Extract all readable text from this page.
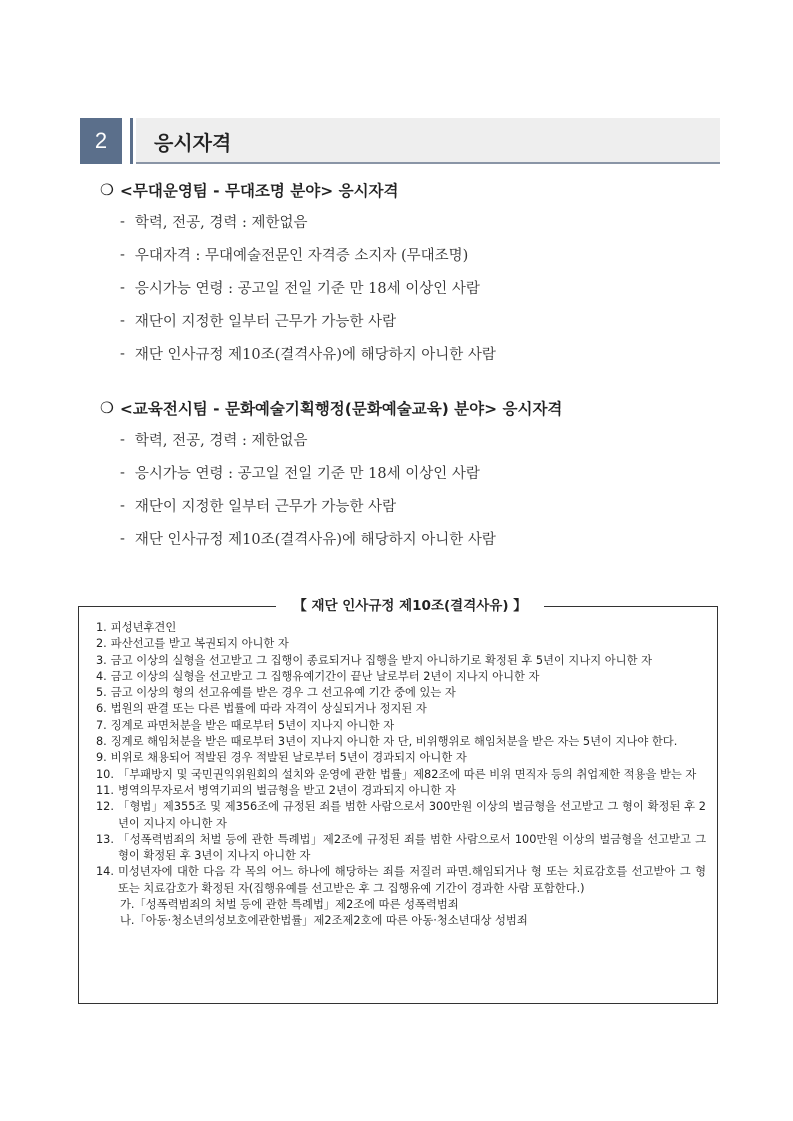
2	응시자격
❍ <무대운영팀 - 무대조명 분야> 응시자격
- 학력, 전공, 경력 : 제한없음
- 우대자격 : 무대예술전문인 자격증 소지자 (무대조명)
- 응시가능 연령 : 공고일 전일 기준 만 18세 이상인 사람
- 재단이 지정한 일부터 근무가 가능한 사람
- 재단 인사규정 제10조(결격사유)에 해당하지 아니한 사람
❍ <교육전시팀 - 문화예술기획행정(문화예술교육) 분야> 응시자격
- 학력, 전공, 경력 : 제한없음
- 응시가능 연령 : 공고일 전일 기준 만 18세 이상인 사람
- 재단이 지정한 일부터 근무가 가능한 사람
- 재단 인사규정 제10조(결격사유)에 해당하지 아니한 사람
【 재단 인사규정 제10조(결격사유) 】
1. 피성년후견인
2. 파산선고를 받고 복권되지 아니한 자
3. 금고 이상의 실형을 선고받고 그 집행이 종료되거나 집행을 받지 아니하기로 확정된 후 5년이 지나지 아니한 자
4. 금고 이상의 실형을 선고받고 그 집행유예기간이 끝난 날로부터 2년이 지나지 아니한 자
5. 금고 이상의 형의 선고유예를 받은 경우 그 선고유예 기간 중에 있는 자
6. 법원의 판결 또는 다른 법률에 따라 자격이 상실되거나 정지된 자
7. 징계로 파면처분을 받은 때로부터 5년이 지나지 아니한 자
8. 징계로 해임처분을 받은 때로부터 3년이 지나지 아니한 자 단, 비위행위로 해임처분을 받은 자는 5년이 지나야 한다.
9. 비위로 채용되어 적발된 경우 적발된 날로부터 5년이 경과되지 아니한 자
10. 「부패방지 및 국민권익위원회의 설치와 운영에 관한 법률」제82조에 따른 비위 면직자 등의 취업제한 적용을 받는 자
11. 병역의무자로서 병역기피의 벌금형을 받고 2년이 경과되지 아니한 자
12. 「형법」제355조 및 제356조에 규정된 죄를 범한 사람으로서 300만원 이상의 벌금형을 선고받고 그 형이 확정된 후 2년이 지나지 아니한 자
13. 「성폭력범죄의 처벌 등에 관한 특례법」제2조에 규정된 죄를 범한 사람으로서 100만원 이상의 벌금형을 선고받고 그 형이 확정된 후 3년이 지나지 아니한 자
14. 미성년자에 대한 다음 각 목의 어느 하나에 해당하는 죄를 저질러 파면.해임되거나 형 또는 치료감호를 선고받아 그 형 또는 치료감호가 확정된 자(집행유예를 선고받은 후 그 집행유예 기간이 경과한 사람 포함한다.)
가.「성폭력범죄의 처벌 등에 관한 특례법」제2조에 따른 성폭력범죄
나.「아동·청소년의성보호에관한법률」제2조제2호에 따른 아동·청소년대상 성범죄
